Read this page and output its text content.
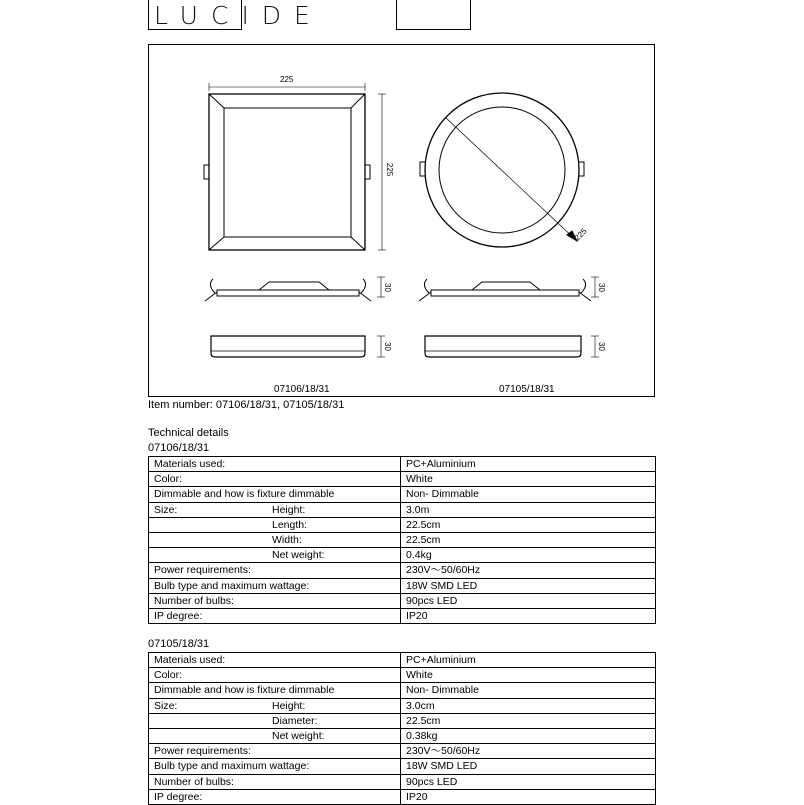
LUCIDE
225
225
225
30	30
30	30
07106/18/31	07105/18/31
Item number: 07106/18/31, 07105/18/31
Technical details
07106/18/31
Materials used:	PC+Aluminium
Color:	White
Dimmable and how is fixture dimmable	Non- Dimmable
Size: Height:	3.0m
Length:	22.5cm
Width:	22.5cm
Net weight:	0.4kg
Power requirements:	230V～50/60Hz
Bulb type and maximum wattage:	18W SMD LED
Number of bulbs:	90pcs LED
IP degree:	IP20
07105/18/31
Materials used:	PC+Aluminium
Color:	White
Dimmable and how is fixture dimmable	Non- Dimmable
Size: Height:	3.0cm
Diameter:	22.5cm
Net weight:	0.38kg
Power requirements:	230V～50/60Hz
Bulb type and maximum wattage:	18W SMD LED
Number of bulbs:	90pcs LED
IP degree:	IP20
